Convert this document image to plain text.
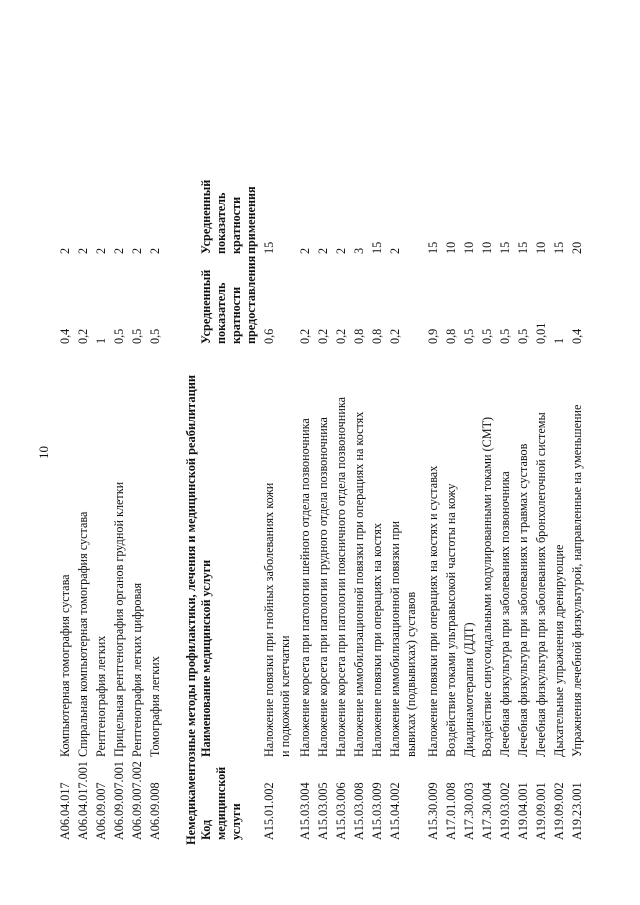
10
A06.04.017
Компьютерная томография сустава
0,4
2
A06.04.017.001
Спиральная компьютерная томография сустава
0,2
2
A06.09.007
Рентгенография легких
1
2
A06.09.007.001
Прицельная рентгенография органов грудной клетки
0,5
2
A06.09.007.002
Рентгенография легких цифровая
0,5
2
A06.09.008
Томография легких
0,5
2
Немедикаментозные методы профилактики, лечения и медицинской реабилитации Код
медицинской
услуги
Наименование медицинской услуги
Усредненный
показатель
кратности
предоставления
Усредненный
показатель
кратности
применения
A15.01.002
Наложение повязки при гнойных заболеваниях кожи и подкожной клетчатки
0,6
15
A15.03.004
Наложение корсета при патологии шейного отдела позвоночника
0,2
2
A15.03.005
Наложение корсета при патологии грудного отдела позвоночника
0,2
2
A15.03.006
Наложение корсета при патологии поясничного отдела позвоночника
0,2
2
A15.03.008
Наложение иммобилизационной повязки при операциях на костях
0,8
3
A15.03.009
Наложение повязки при операциях на костях
0,8
15
A15.04.002
Наложение иммобилизационной повязки при вывихах (подвывихах) суставов
0,2
2
A15.30.009
Наложение повязки при операциях на костях и суставах
0,9
15
A17.01.008
Воздействие токами ультравысокой частоты на кожу
0,8
10
A17.30.003
Диадинамотерапия (ДДТ)
0,5
10
A17.30.004
Воздействие синусоидальными модулированными токами (СМТ)
0,5
10
A19.03.002
Лечебная физкультура при заболеваниях позвоночника
0,5
15
A19.04.001
Лечебная физкультура при заболеваниях и травмах суставов
0,5
15
A19.09.001
Лечебная физкультура при заболеваниях бронхолегочной системы
0,01
10
A19.09.002
Дыхательные упражнения дренирующие
1
15
A19.23.001
Упражнения лечебной физкультурой, направленные на уменьшение
0,4
20
